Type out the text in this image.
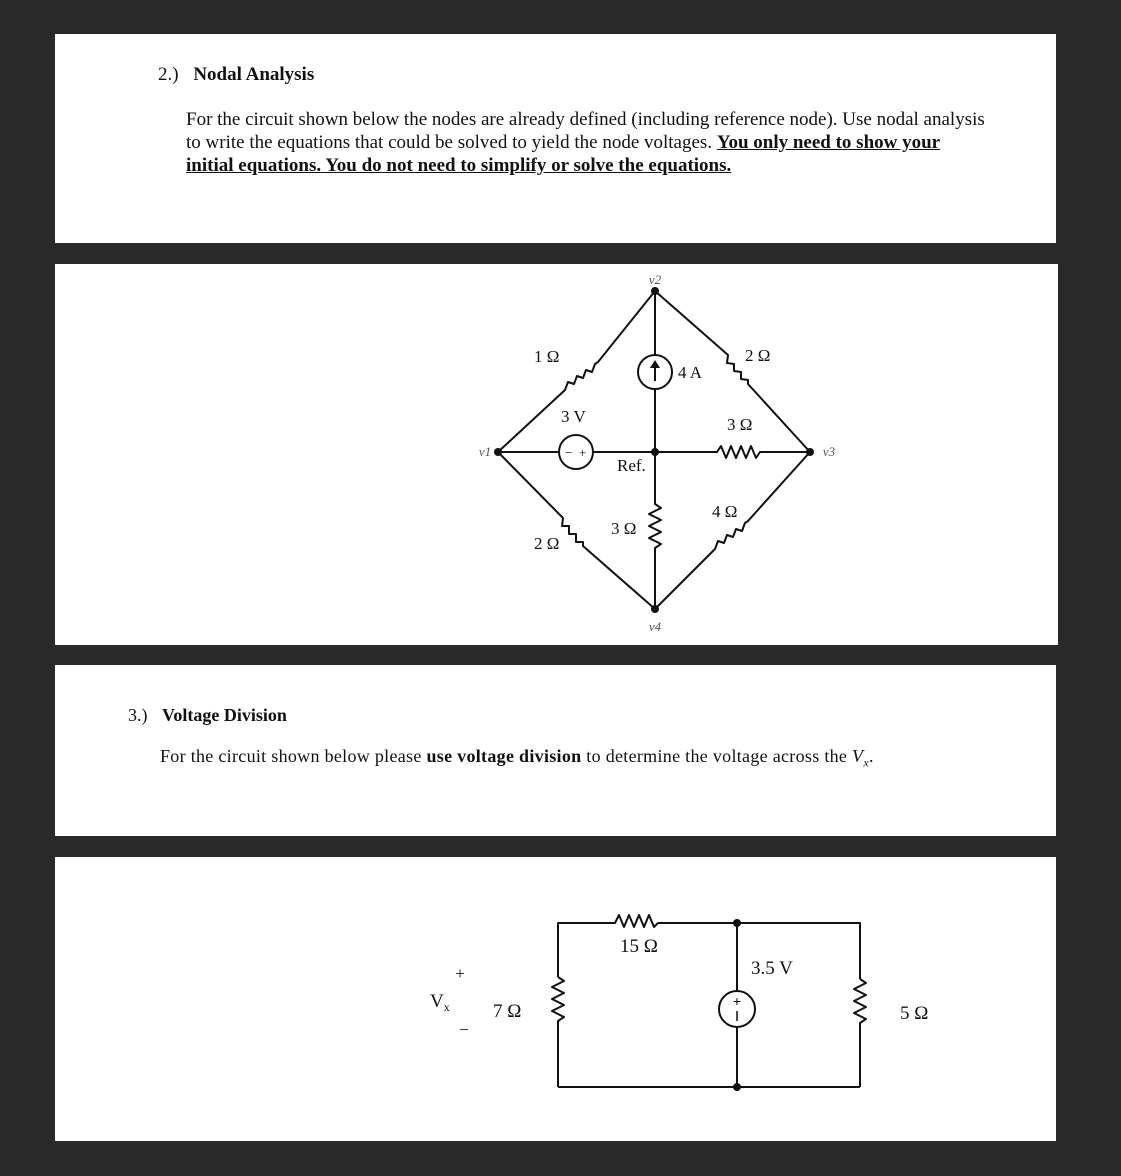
2.) Nodal Analysis
For the circuit shown below the nodes are already defined (including reference node). Use nodal analysis to write the equations that could be solved to yield the node voltages. You only need to show your initial equations. You do not need to simplify or solve the equations.
v2
v1	v3
v4
Ref.
1 Ω	2 Ω
3 Ω
4 Ω
3 Ω
2 Ω
4 A
3 V
− +
3.) Voltage Division
For the circuit shown below please use voltage division to determine the voltage across the $V_x$.
+
15 Ω
3.5 V
5 Ω
7 Ω
$V_x$
+
−
